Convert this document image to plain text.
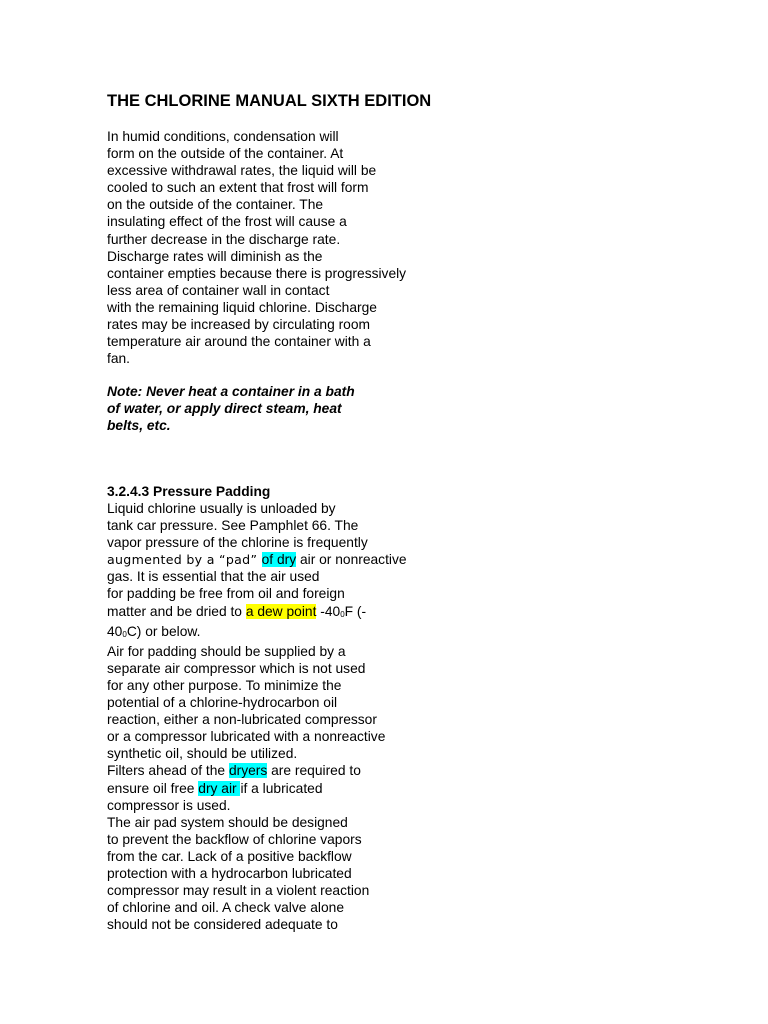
THE CHLORINE MANUAL SIXTH EDITION

In humid conditions, condensation will
form on the outside of the container. At
excessive withdrawal rates, the liquid will be
cooled to such an extent that frost will form
on the outside of the container. The
insulating effect of the frost will cause a
further decrease in the discharge rate.
Discharge rates will diminish as the
container empties because there is progressively
less area of container wall in contact
with the remaining liquid chlorine. Discharge
rates may be increased by circulating room
temperature air around the container with a
fan.

Note: Never heat a container in a bath
of water, or apply direct steam, heat
belts, etc.

3.2.4.3 Pressure Padding

Liquid chlorine usually is unloaded by
tank car pressure. See Pamphlet 66. The
vapor pressure of the chlorine is frequently
augmented by a “pad” of dry air or nonreactive
gas. It is essential that the air used
for padding be free from oil and foreign
matter and be dried to a dew point -400F (-
400C) or below.
Air for padding should be supplied by a
separate air compressor which is not used
for any other purpose. To minimize the
potential of a chlorine-hydrocarbon oil
reaction, either a non-lubricated compressor
or a compressor lubricated with a nonreactive
synthetic oil, should be utilized.
Filters ahead of the dryers are required to
ensure oil free dry air if a lubricated
compressor is used.
The air pad system should be designed
to prevent the backflow of chlorine vapors
from the car. Lack of a positive backflow
protection with a hydrocarbon lubricated
compressor may result in a violent reaction
of chlorine and oil. A check valve alone
should not be considered adequate to
